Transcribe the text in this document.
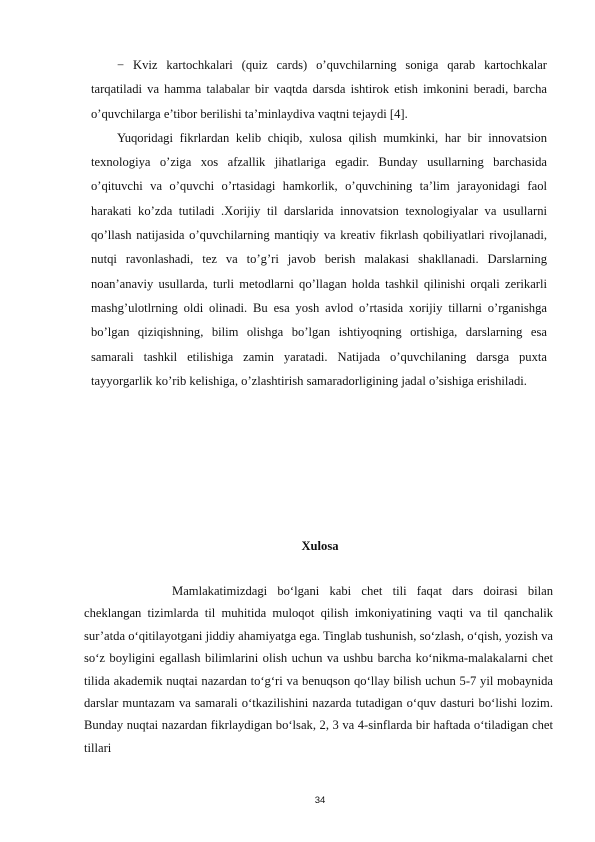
− Kviz kartochkalari (quiz cards) o’quvchilarning soniga qarab kartochkalar tarqatiladi va hamma talabalar bir vaqtda darsda ishtirok etish imkonini beradi, barcha o’quvchilarga e’tibor berilishi ta’minlaydiva vaqtni tejaydi [4].

Yuqoridagi fikrlardan kelib chiqib, xulosa qilish mumkinki, har bir innovatsion texnologiya o’ziga xos afzallik jihatlariga egadir. Bunday usullarning barchasida o’qituvchi va o’quvchi o’rtasidagi hamkorlik, o’quvchining ta’lim jarayonidagi faol harakati ko’zda tutiladi .Xorijiy til darslarida innovatsion texnologiyalar va usullarni qo’llash natijasida o’quvchilarning mantiqiy va kreativ fikrlash qobiliyatlari rivojlanadi, nutqi ravonlashadi, tez va to’g’ri javob berish malakasi shakllanadi. Darslarning noan’anaviy usullarda, turli metodlarni qo’llagan holda tashkil qilinishi orqali zerikarli mashg’ulotlrning oldi olinadi. Bu esa yosh avlod o’rtasida xorijiy tillarni o’rganishga bo’lgan qiziqishning, bilim olishga bo’lgan ishtiyoqning ortishiga, darslarning esa samarali tashkil etilishiga zamin yaratadi. Natijada o’quvchilaning darsga puxta tayyorgarlik ko’rib kelishiga, o’zlashtirish samaradorligining jadal o’sishiga erishiladi.

Xulosa

Mamlakatimizdagi bo‘lgani kabi chet tili faqat dars doirasi bilan cheklangan tizimlarda til muhitida muloqot qilish imkoniyatining vaqti va til qanchalik sur’atda o‘qitilayotgani jiddiy ahamiyatga ega. Tinglab tushunish, so‘zlash, o‘qish, yozish va so‘z boyligini egallash bilimlarini olish uchun va ushbu barcha ko‘nikma-malakalarni chet tilida akademik nuqtai nazardan to‘g‘ri va benuqson qo‘llay bilish uchun 5-7 yil mobaynida darslar muntazam va samarali o‘tkazilishini nazarda tutadigan o‘quv dasturi bo‘lishi lozim. Bunday nuqtai nazardan fikrlaydigan bo‘lsak, 2, 3 va 4-sinflarda bir haftada o‘tiladigan chet tillari

34
